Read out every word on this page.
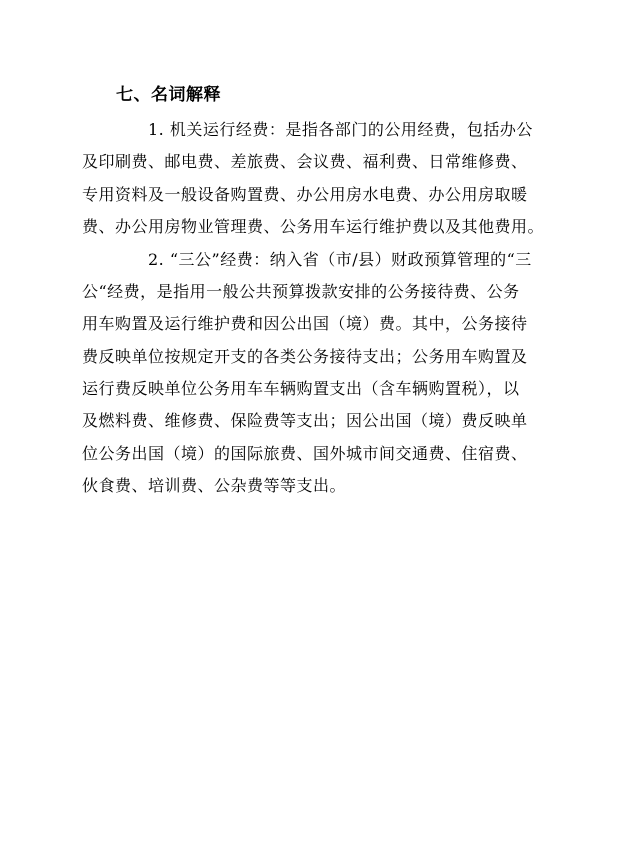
七、名词解释
1. 机关运行经费：是指各部门的公用经费，包括办公
及印刷费、邮电费、差旅费、会议费、福利费、日常维修费、
专用资料及一般设备购置费、办公用房水电费、办公用房取暖
费、办公用房物业管理费、公务用车运行维护费以及其他费用。
2. “三公”经费：纳入省（市/县）财政预算管理的“三
公“经费，是指用一般公共预算拨款安排的公务接待费、公务
用车购置及运行维护费和因公出国（境）费。其中，公务接待
费反映单位按规定开支的各类公务接待支出；公务用车购置及
运行费反映单位公务用车车辆购置支出（含车辆购置税），以
及燃料费、维修费、保险费等支出；因公出国（境）费反映单
位公务出国（境）的国际旅费、国外城市间交通费、住宿费、
伙食费、培训费、公杂费等等支出。
